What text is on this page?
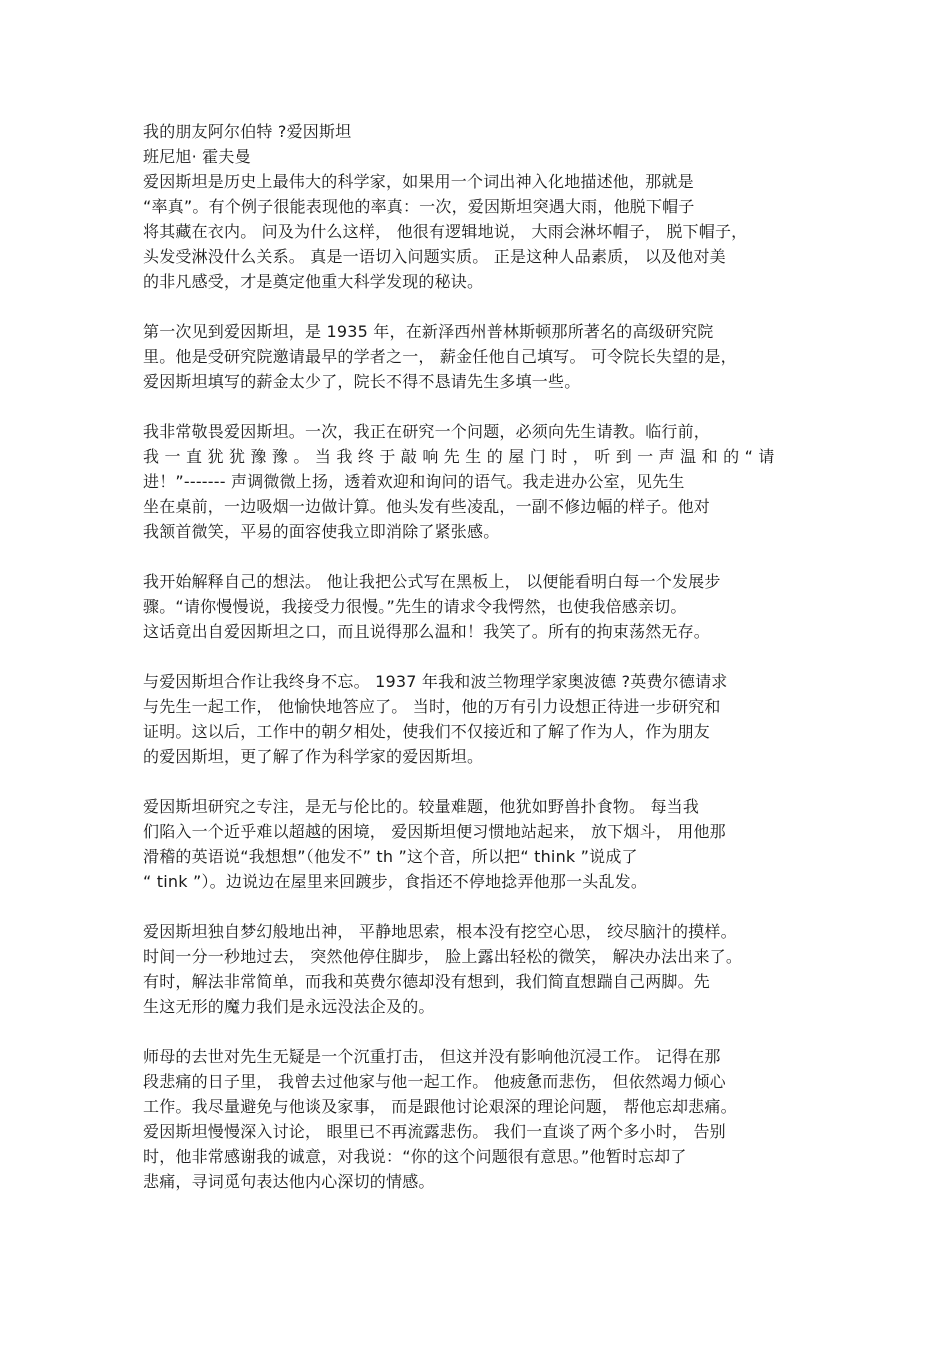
我的朋友阿尔伯特 ?爱因斯坦
班尼旭· 霍夫曼
爱因斯坦是历史上最伟大的科学家，如果用一个词出神入化地描述他，那就是
“率真”。有个例子很能表现他的率真：一次，爱因斯坦突遇大雨，他脱下帽子
将其藏在衣内。 问及为什么这样， 他很有逻辑地说， 大雨会淋坏帽子， 脱下帽子，
头发受淋没什么关系。 真是一语切入问题实质。 正是这种人品素质， 以及他对美
的非凡感受，才是奠定他重大科学发现的秘诀。
第一次见到爱因斯坦，是 1935 年，在新泽西州普林斯顿那所著名的高级研究院
里。他是受研究院邀请最早的学者之一， 薪金任他自己填写。 可令院长失望的是，
爱因斯坦填写的薪金太少了，院长不得不恳请先生多填一些。
我非常敬畏爱因斯坦。一次，我正在研究一个问题，必须向先生请教。临行前，
我 一 直 犹 犹 豫 豫 。 当 我 终 于 敲 响 先 生 的 屋 门 时 ， 听 到 一 声 温 和 的 “ 请
进！”------- 声调微微上扬，透着欢迎和询问的语气。我走进办公室，见先生
坐在桌前，一边吸烟一边做计算。他头发有些凌乱，一副不修边幅的样子。他对
我颔首微笑，平易的面容使我立即消除了紧张感。
我开始解释自己的想法。 他让我把公式写在黑板上， 以便能看明白每一个发展步
骤。“请你慢慢说，我接受力很慢。”先生的请求令我愕然，也使我倍感亲切。
这话竟出自爱因斯坦之口，而且说得那么温和！我笑了。所有的拘束荡然无存。
与爱因斯坦合作让我终身不忘。 1937 年我和波兰物理学家奥波德 ?英费尔德请求
与先生一起工作， 他愉快地答应了。 当时，他的万有引力设想正待进一步研究和
证明。这以后，工作中的朝夕相处，使我们不仅接近和了解了作为人，作为朋友
的爱因斯坦，更了解了作为科学家的爱因斯坦。
爱因斯坦研究之专注，是无与伦比的。较量难题，他犹如野兽扑食物。 每当我
们陷入一个近乎难以超越的困境， 爱因斯坦便习惯地站起来， 放下烟斗， 用他那
滑稽的英语说“我想想”（他发不” th ”这个音，所以把“ think ”说成了
“ tink ”）。边说边在屋里来回踱步，食指还不停地捻弄他那一头乱发。
爱因斯坦独自梦幻般地出神， 平静地思索，根本没有挖空心思， 绞尽脑汁的摸样。
时间一分一秒地过去， 突然他停住脚步， 脸上露出轻松的微笑， 解决办法出来了。
有时，解法非常简单，而我和英费尔德却没有想到，我们简直想踹自己两脚。先
生这无形的魔力我们是永远没法企及的。
师母的去世对先生无疑是一个沉重打击， 但这并没有影响他沉浸工作。 记得在那
段悲痛的日子里， 我曾去过他家与他一起工作。 他疲惫而悲伤， 但依然竭力倾心
工作。我尽量避免与他谈及家事， 而是跟他讨论艰深的理论问题， 帮他忘却悲痛。
爱因斯坦慢慢深入讨论， 眼里已不再流露悲伤。 我们一直谈了两个多小时， 告别
时，他非常感谢我的诚意，对我说：“你的这个问题很有意思。”他暂时忘却了
悲痛，寻词觅句表达他内心深切的情感。
